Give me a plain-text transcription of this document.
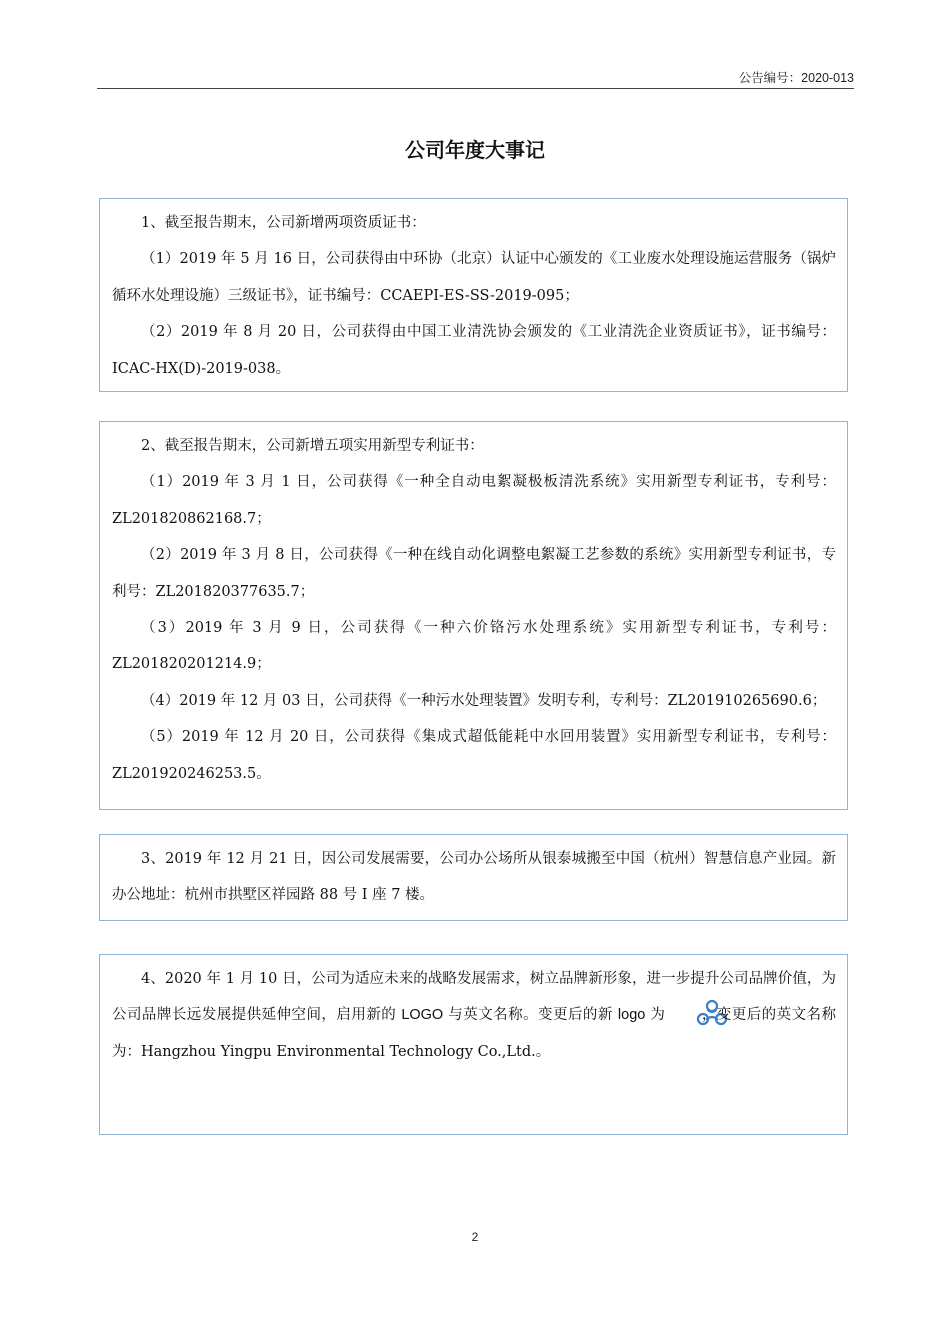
公告编号：2020-013
公司年度大事记

1、截至报告期末，公司新增两项资质证书：

（1）2019 年 5 月 16 日，公司获得由中环协（北京）认证中心颁发的《工业废水处理设施运营服务（锅炉循环水处理设施）三级证书》，证书编号：CCAEPI-ES-SS-2019-095；

（2）2019 年 8 月 20 日，公司获得由中国工业清洗协会颁发的《工业清洗企业资质证书》，证书编号：ICAC-HX(D)-2019-038。

2、截至报告期末，公司新增五项实用新型专利证书：

（1）2019 年 3 月 1 日，公司获得《一种全自动电絮凝极板清洗系统》实用新型专利证书，专利号：ZL201820862168.7；

（2）2019 年 3 月 8 日，公司获得《一种在线自动化调整电絮凝工艺参数的系统》实用新型专利证书，专利号：ZL201820377635.7；

（3）2019 年 3 月 9 日，公司获得《一种六价铬污水处理系统》实用新型专利证书，专利号：ZL201820201214.9；

（4）2019 年 12 月 03 日，公司获得《一种污水处理装置》发明专利，专利号：ZL201910265690.6；

（5）2019 年 12 月 20 日，公司获得《集成式超低能耗中水回用装置》实用新型专利证书，专利号：ZL201920246253.5。

3、2019 年 12 月 21 日，因公司发展需要，公司办公场所从银泰城搬至中国（杭州）智慧信息产业园。新办公地址：杭州市拱墅区祥园路 88 号 I 座 7 楼。

4、2020 年 1 月 10 日，公司为适应未来的战略发展需求，树立品牌新形象，进一步提升公司品牌价值，为公司品牌长远发展提供延伸空间，启用新的 LOGO 与英文名称。变更后的新 logo 为 ，变更后的英文名称为：Hangzhou Yingpu Environmental Technology Co.,Ltd.。

2
